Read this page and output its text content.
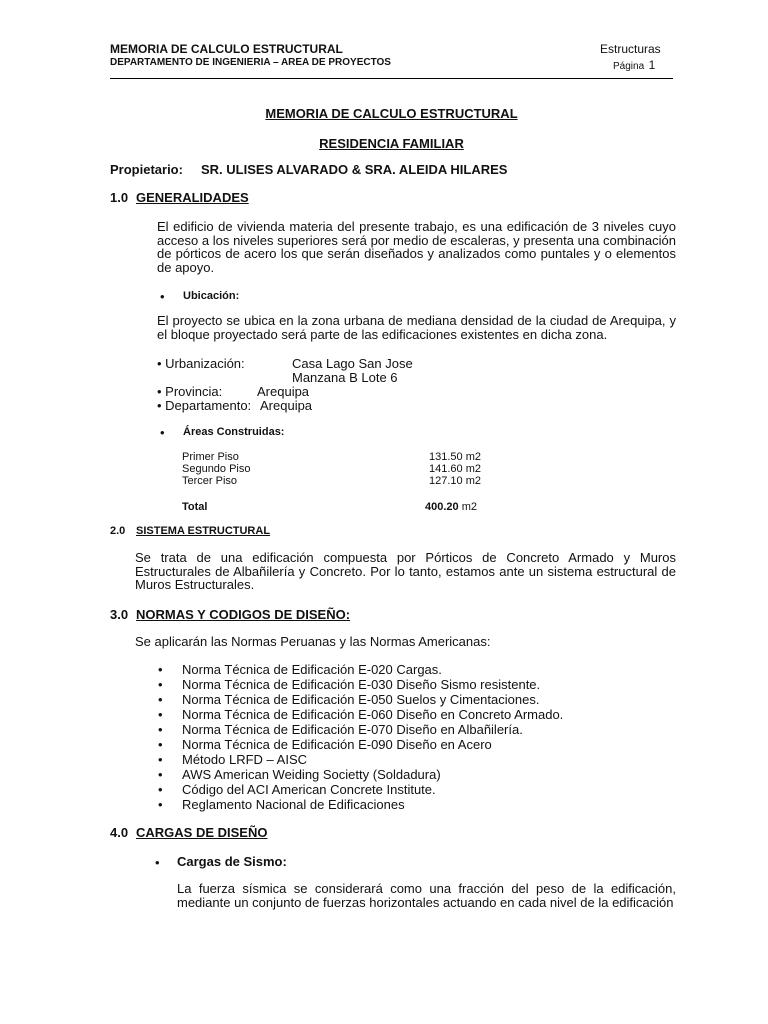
MEMORIA DE CALCULO ESTRUCTURAL
DEPARTAMENTO DE INGENIERIA – AREA DE PROYECTOS
Estructuras
Página 1
MEMORIA DE CALCULO ESTRUCTURAL
RESIDENCIA FAMILIAR
Propietario: SR. ULISES ALVARADO & SRA. ALEIDA HILARES
1.0 GENERALIDADES
El edificio de vivienda materia del presente trabajo, es una edificación de 3 niveles cuyo acceso a los niveles superiores será por medio de escaleras, y presenta una combinación de pórticos de acero los que serán diseñados y analizados como puntales y o elementos de apoyo.
• Ubicación:
El proyecto se ubica en la zona urbana de mediana densidad de la ciudad de Arequipa, y el bloque proyectado será parte de las edificaciones existentes en dicha zona.
• Urbanización:	Casa Lago San Jose
Manzana B Lote 6
• Provincia:	Arequipa
• Departamento: Arequipa
• Áreas Construidas:
Primer Piso	131.50 m2
Segundo Piso	141.60 m2
Tercer Piso	127.10 m2
Total	400.20 m2
2.0 SISTEMA ESTRUCTURAL
Se trata de una edificación compuesta por Pórticos de Concreto Armado y Muros Estructurales de Albañilería y Concreto. Por lo tanto, estamos ante un sistema estructural de Muros Estructurales.
3.0 NORMAS Y CODIGOS DE DISEÑO:
Se aplicarán las Normas Peruanas y las Normas Americanas:
• Norma Técnica de Edificación E-020 Cargas.
• Norma Técnica de Edificación E-030 Diseño Sismo resistente.
• Norma Técnica de Edificación E-050 Suelos y Cimentaciones.
• Norma Técnica de Edificación E-060 Diseño en Concreto Armado.
• Norma Técnica de Edificación E-070 Diseño en Albañilería.
• Norma Técnica de Edificación E-090 Diseño en Acero
• Método LRFD – AISC
• AWS American Weiding Societty (Soldadura)
• Código del ACI American Concrete Institute.
• Reglamento Nacional de Edificaciones
4.0 CARGAS DE DISEÑO
• Cargas de Sismo:
La fuerza sísmica se considerará como una fracción del peso de la edificación, mediante un conjunto de fuerzas horizontales actuando en cada nivel de la edificación
